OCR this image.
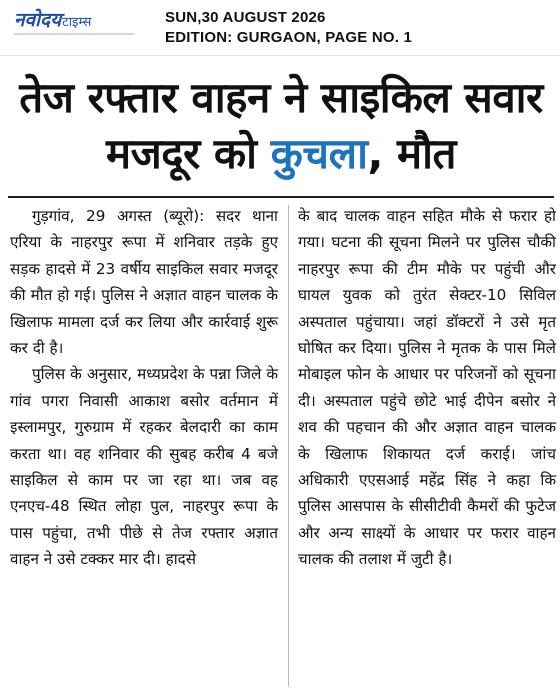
नवोदयटाइम्स	SUN,30 AUGUST 2026
EDITION: GURGAON, PAGE NO. 1
तेज रफ्तार वाहन ने साइकिल सवार मजदूर को कुचला, मौत

गुड़गांव, 29 अगस्त (ब्यूरो): सदर थाना एरिया के नाहरपुर रूपा में शनिवार तड़के हुए सड़क हादसे में 23 वर्षीय साइकिल सवार मजदूर की मौत हो गई। पुलिस ने अज्ञात वाहन चालक के खिलाफ मामला दर्ज कर लिया और कार्रवाई शुरू कर दी है।

पुलिस के अनुसार, मध्यप्रदेश के पन्ना जिले के गांव पगरा निवासी आकाश बसोर वर्तमान में इस्लामपुर, गुरुग्राम में रहकर बेलदारी का काम करता था। वह शनिवार की सुबह करीब 4 बजे साइकिल से काम पर जा रहा था। जब वह एनएच-48 स्थित लोहा पुल, नाहरपुर रूपा के पास पहुंचा, तभी पीछे से तेज रफ्तार अज्ञात वाहन ने उसे टक्कर मार दी। हादसे

के बाद चालक वाहन सहित मौके से फरार हो गया। घटना की सूचना मिलने पर पुलिस चौकी नाहरपुर रूपा की टीम मौके पर पहुंची और घायल युवक को तुरंत सेक्टर-10 सिविल अस्पताल पहुंचाया। जहां डॉक्टरों ने उसे मृत घोषित कर दिया। पुलिस ने मृतक के पास मिले मोबाइल फोन के आधार पर परिजनों को सूचना दी। अस्पताल पहुंचे छोटे भाई दीपेन बसोर ने शव की पहचान की और अज्ञात वाहन चालक के खिलाफ शिकायत दर्ज कराई। जांच अधिकारी एएसआई महेंद्र सिंह ने कहा कि पुलिस आसपास के सीसीटीवी कैमरों की फुटेज और अन्य साक्ष्यों के आधार पर फरार वाहन चालक की तलाश में जुटी है।
